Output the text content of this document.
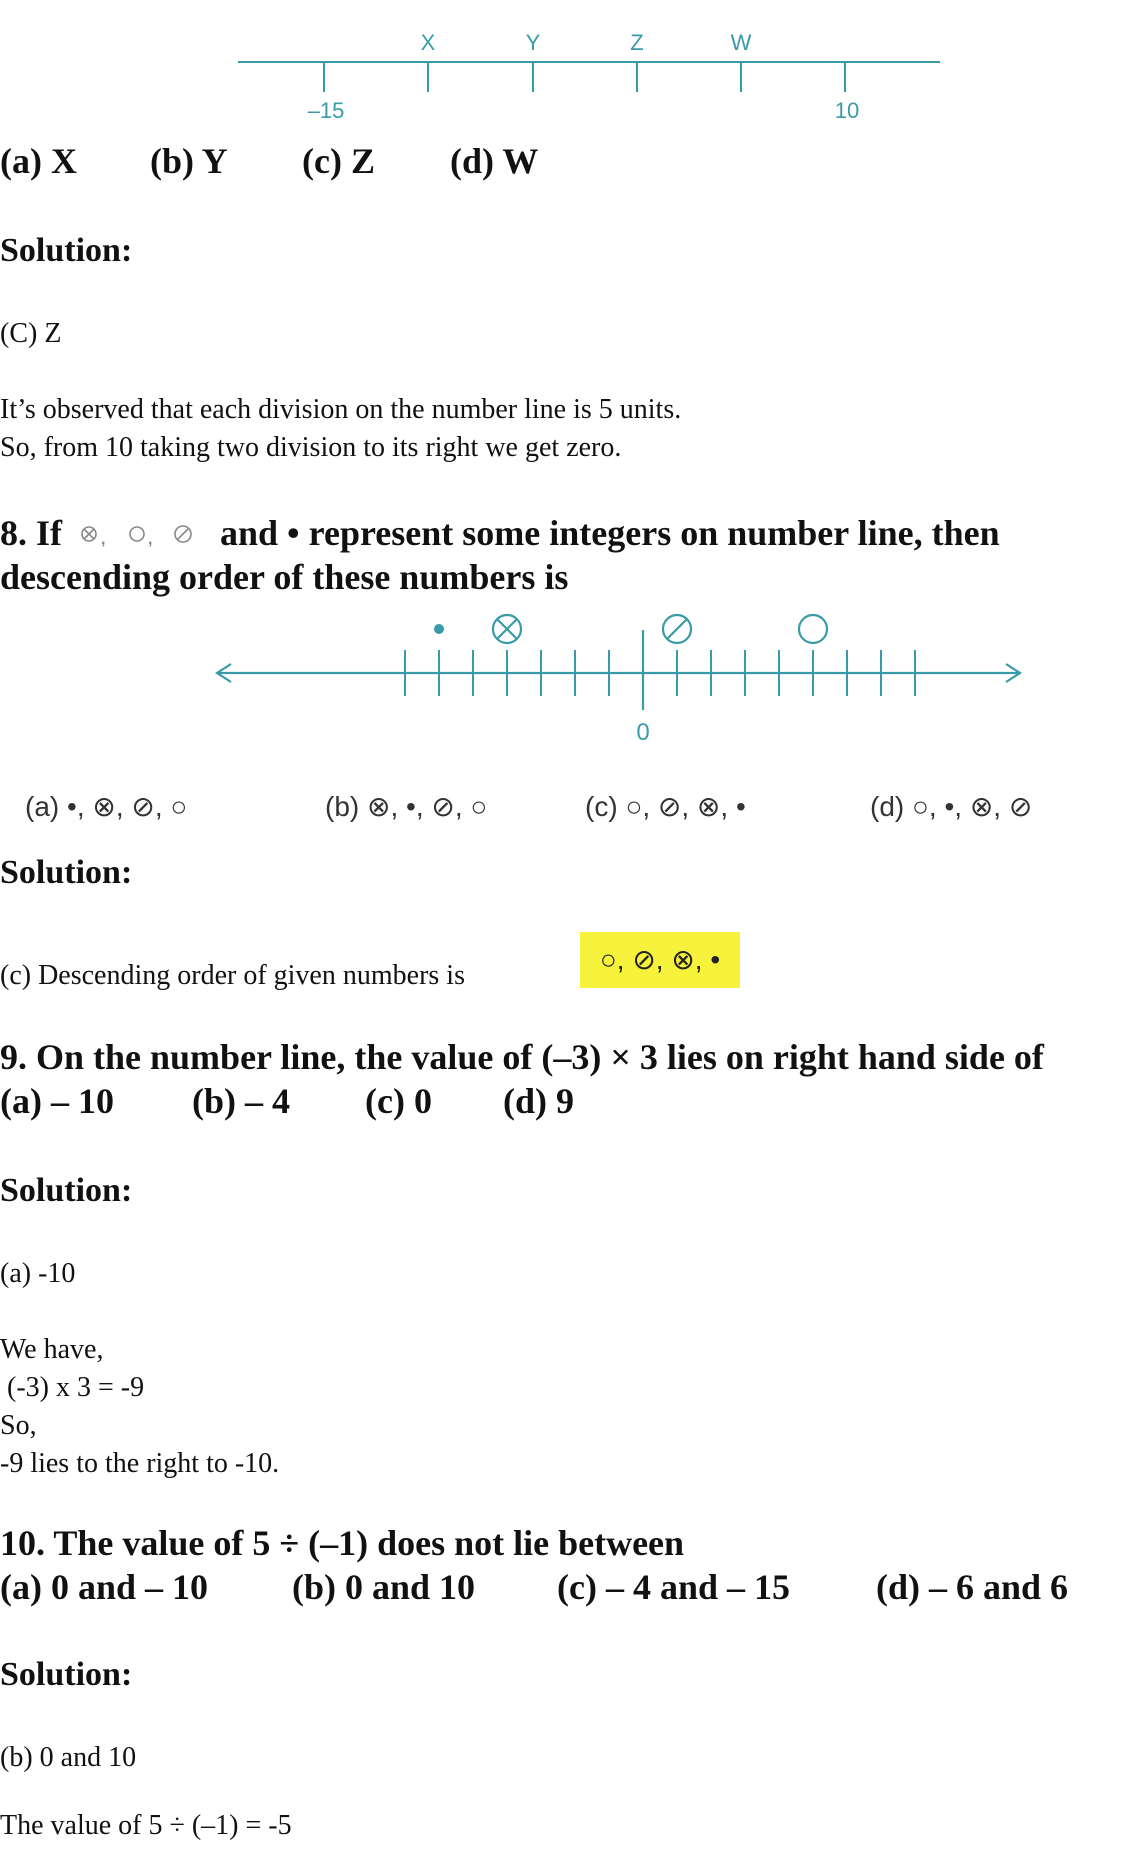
X	Y	Z	W
–15	10
(a) X (b) Y (c) Z (d) W
Solution:
(C) Z
It’s observed that each division on the number line is 5 units.
So, from 10 taking two division to its right we get zero.
8. If ,	, and • represent some integers on number line, then
descending order of these numbers is
0
(a) •, ⊗, ⊘, ○	(b) ⊗, •, ⊘, ○	(c) ○, ⊘, ⊗, •	(d) ○, •, ⊗, ⊘
Solution:
(c) Descending order of given numbers is
○, ⊘, ⊗, •
9. On the number line, the value of (–3) × 3 lies on right hand side of
(a) – 10 (b) – 4 (c) 0 (d) 9
Solution:
(a) -10
We have,
(-3) x 3 = -9
So,
-9 lies to the right to -10.
10. The value of 5 ÷ (–1) does not lie between
(a) 0 and – 10 (b) 0 and 10 (c) – 4 and – 15 (d) – 6 and 6
Solution:
(b) 0 and 10
The value of 5 ÷ (–1) = -5
